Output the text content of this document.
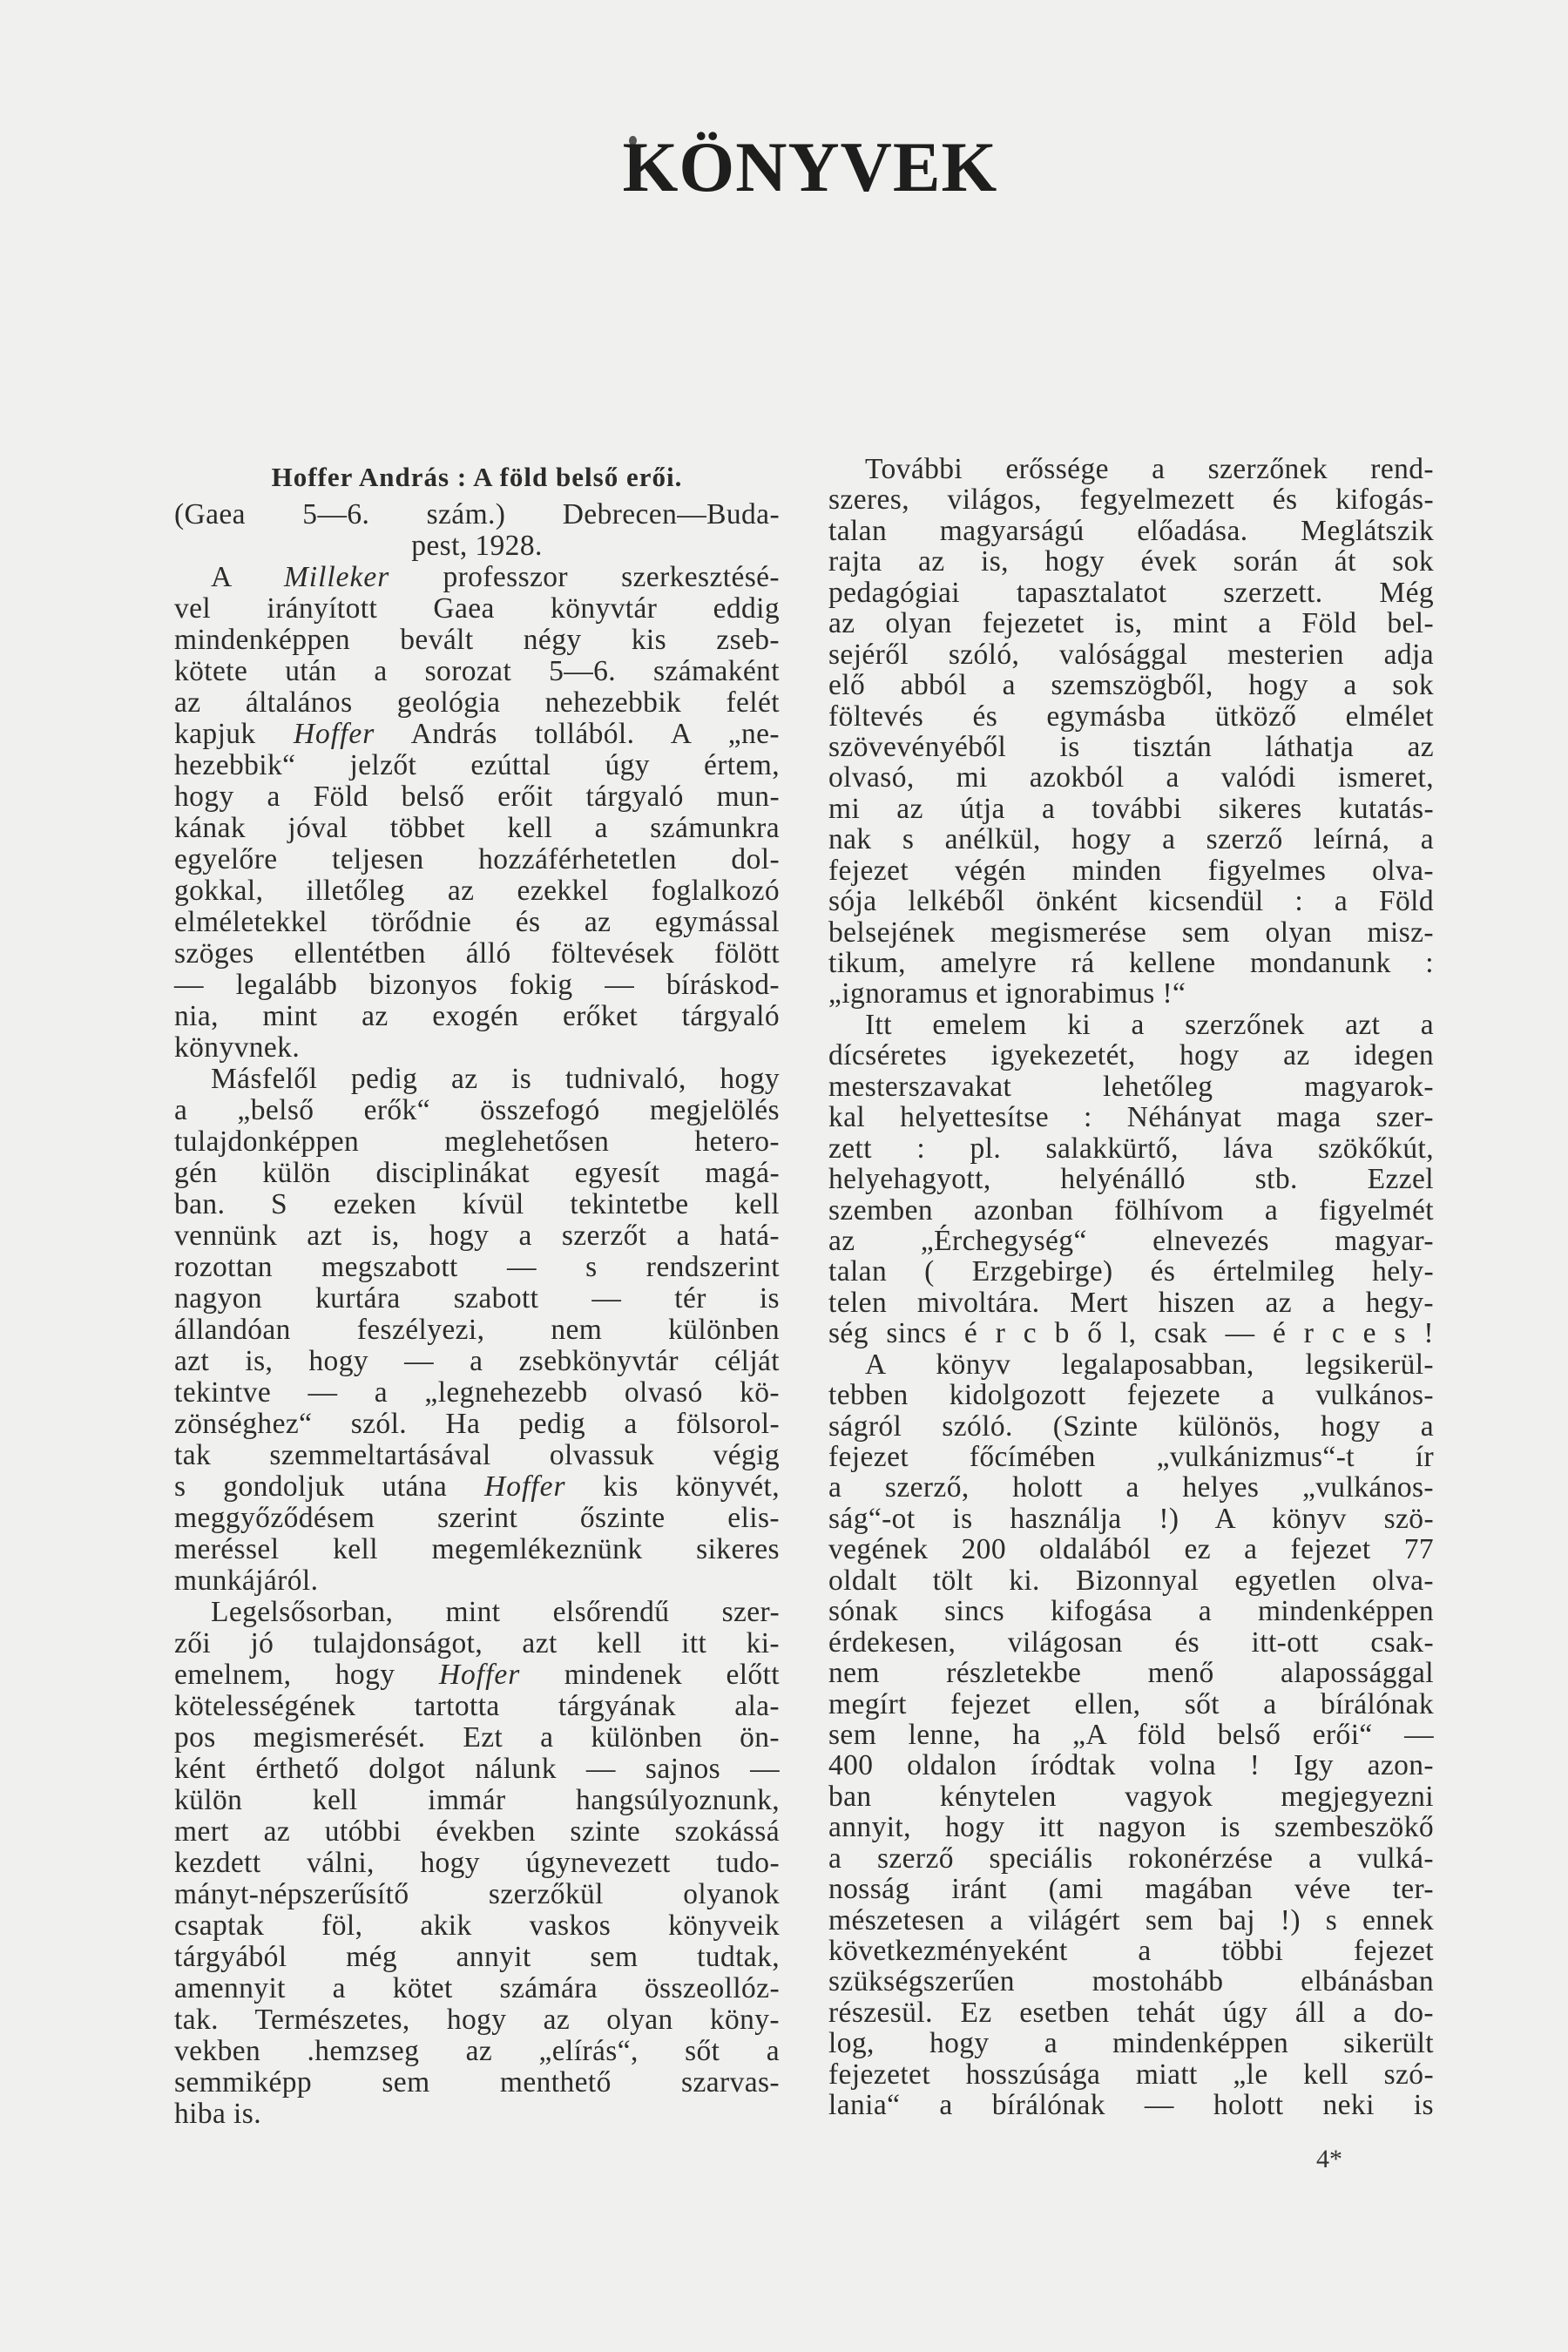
KÖNYVEK
Hoffer András : A föld belső erői.
(Gaea 5—6. szám.) Debrecen—Buda-
pest, 1928.
A Milleker professzor szerkesztésé-
vel irányított Gaea könyvtár eddig
mindenképpen bevált négy kis zseb-
kötete után a sorozat 5—6. számaként
az általános geológia nehezebbik felét
kapjuk Hoffer András tollából. A „ne-
hezebbik“ jelzőt ezúttal úgy értem,
hogy a Föld belső erőit tárgyaló mun-
kának jóval többet kell a számunkra
egyelőre teljesen hozzáférhetetlen dol-
gokkal, illetőleg az ezekkel foglalkozó
elméletekkel törődnie és az egymással
szöges ellentétben álló föltevések fölött
— legalább bizonyos fokig — bíráskod-
nia, mint az exogén erőket tárgyaló
könyvnek.
Másfelől pedig az is tudnivaló, hogy
a „belső erők“ összefogó megjelölés
tulajdonképpen meglehetősen hetero-
gén külön disciplinákat egyesít magá-
ban. S ezeken kívül tekintetbe kell
vennünk azt is, hogy a szerzőt a hatá-
rozottan megszabott — s rendszerint
nagyon kurtára szabott — tér is
állandóan feszélyezi, nem különben
azt is, hogy — a zsebkönyvtár célját
tekintve — a „legnehezebb olvasó kö-
zönséghez“ szól. Ha pedig a fölsorol-
tak szemmeltartásával olvassuk végig
s gondoljuk utána Hoffer kis könyvét,
meggyőződésem szerint őszinte elis-
meréssel kell megemlékeznünk sikeres
munkájáról.
Legelsősorban, mint elsőrendű szer-
zői jó tulajdonságot, azt kell itt ki-
emelnem, hogy Hoffer mindenek előtt
kötelességének tartotta tárgyának ala-
pos megismerését. Ezt a különben ön-
ként érthető dolgot nálunk — sajnos —
külön kell immár hangsúlyoznunk,
mert az utóbbi években szinte szokássá
kezdett válni, hogy úgynevezett tudo-
mányt-népszerűsítő szerzőkül olyanok
csaptak föl, akik vaskos könyveik
tárgyából még annyit sem tudtak,
amennyit a kötet számára összeollóz-
tak. Természetes, hogy az olyan köny-
vekben .hemzseg az „elírás“, sőt a
semmiképp sem menthető szarvas-
hiba is.
További erőssége a szerzőnek rend-
szeres, világos, fegyelmezett és kifogás-
talan magyarságú előadása. Meglátszik
rajta az is, hogy évek során át sok
pedagógiai tapasztalatot szerzett. Még
az olyan fejezetet is, mint a Föld bel-
sejéről szóló, valósággal mesterien adja
elő abból a szemszögből, hogy a sok
föltevés és egymásba ütköző elmélet
szövevényéből is tisztán láthatja az
olvasó, mi azokból a valódi ismeret,
mi az útja a további sikeres kutatás-
nak s anélkül, hogy a szerző leírná, a
fejezet végén minden figyelmes olva-
sója lelkéből önként kicsendül : a Föld
belsejének megismerése sem olyan misz-
tikum, amelyre rá kellene mondanunk :
„ignoramus et ignorabimus !“
Itt emelem ki a szerzőnek azt a
dícséretes igyekezetét, hogy az idegen
mesterszavakat lehetőleg magyarok-
kal helyettesítse : Néhányat maga szer-
zett : pl. salakkürtő, láva szökőkút,
helyehagyott, helyénálló stb. Ezzel
szemben azonban fölhívom a figyelmét
az „Érchegység“ elnevezés magyar-
talan ( Erzgebirge) és értelmileg hely-
telen mivoltára. Mert hiszen az a hegy-
ség sincs é r c b ő l, csak — é r c e s !
A könyv legalaposabban, legsikerül-
tebben kidolgozott fejezete a vulkános-
ságról szóló. (Szinte különös, hogy a
fejezet főcímében „vulkánizmus“-t ír
a szerző, holott a helyes „vulkános-
ság“-ot is használja !) A könyv szö-
vegének 200 oldalából ez a fejezet 77
oldalt tölt ki. Bizonnyal egyetlen olva-
sónak sincs kifogása a mindenképpen
érdekesen, világosan és itt-ott csak-
nem részletekbe menő alapossággal
megírt fejezet ellen, sőt a bírálónak
sem lenne, ha „A föld belső erői“ —
400 oldalon íródtak volna ! Igy azon-
ban kénytelen vagyok megjegyezni
annyit, hogy itt nagyon is szembeszökő
a szerző speciális rokonérzése a vulká-
nosság iránt (ami magában véve ter-
mészetesen a világért sem baj !) s ennek
következményeként a többi fejezet
szükségszerűen mostohább elbánásban
részesül. Ez esetben tehát úgy áll a do-
log, hogy a mindenképpen sikerült
fejezetet hosszúsága miatt „le kell szó-
lania“ a bírálónak — holott neki is
4*
